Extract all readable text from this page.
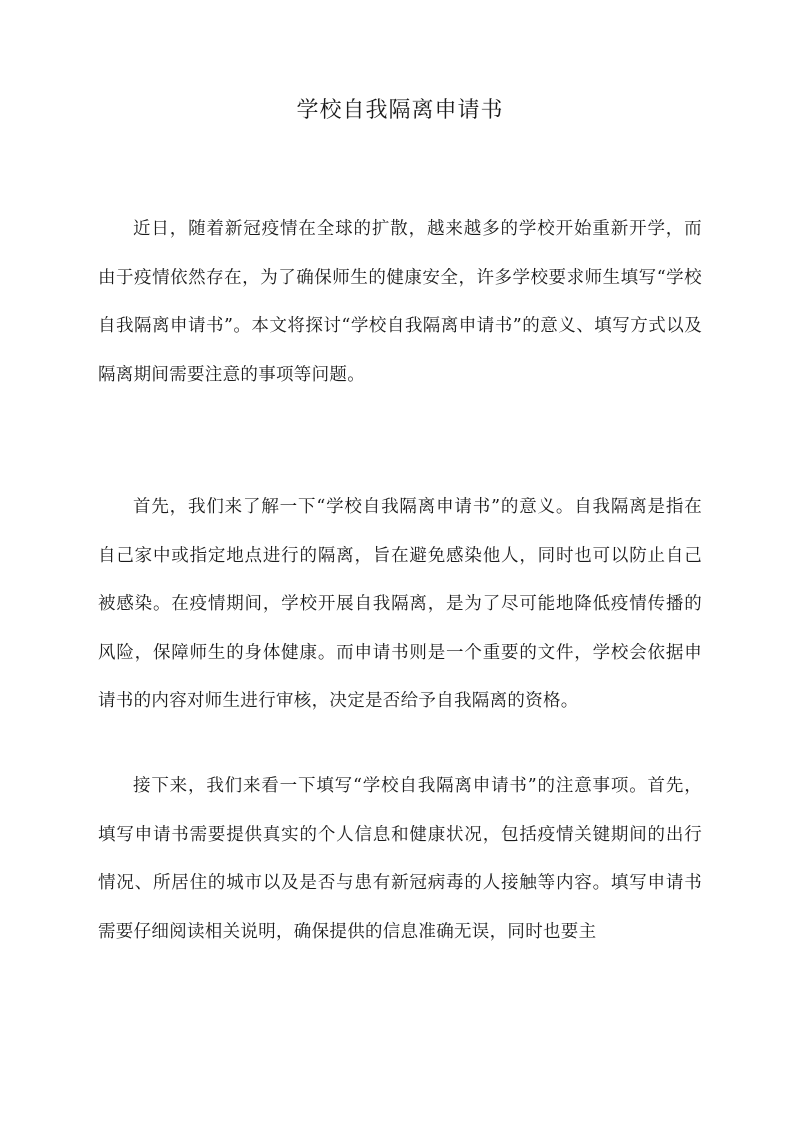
学校自我隔离申请书

近日，随着新冠疫情在全球的扩散，越来越多的学校开始重新开学，而由于疫情依然存在，为了确保师生的健康安全，许多学校要求师生填写“学校自我隔离申请书”。本文将探讨“学校自我隔离申请书”的意义、填写方式以及隔离期间需要注意的事项等问题。

首先，我们来了解一下“学校自我隔离申请书”的意义。自我隔离是指在自己家中或指定地点进行的隔离，旨在避免感染他人，同时也可以防止自己被感染。在疫情期间，学校开展自我隔离，是为了尽可能地降低疫情传播的风险，保障师生的身体健康。而申请书则是一个重要的文件，学校会依据申请书的内容对师生进行审核，决定是否给予自我隔离的资格。

接下来，我们来看一下填写“学校自我隔离申请书”的注意事项。首先，填写申请书需要提供真实的个人信息和健康状况，包括疫情关键期间的出行情况、所居住的城市以及是否与患有新冠病毒的人接触等内容。填写申请书需要仔细阅读相关说明，确保提供的信息准确无误，同时也要主
